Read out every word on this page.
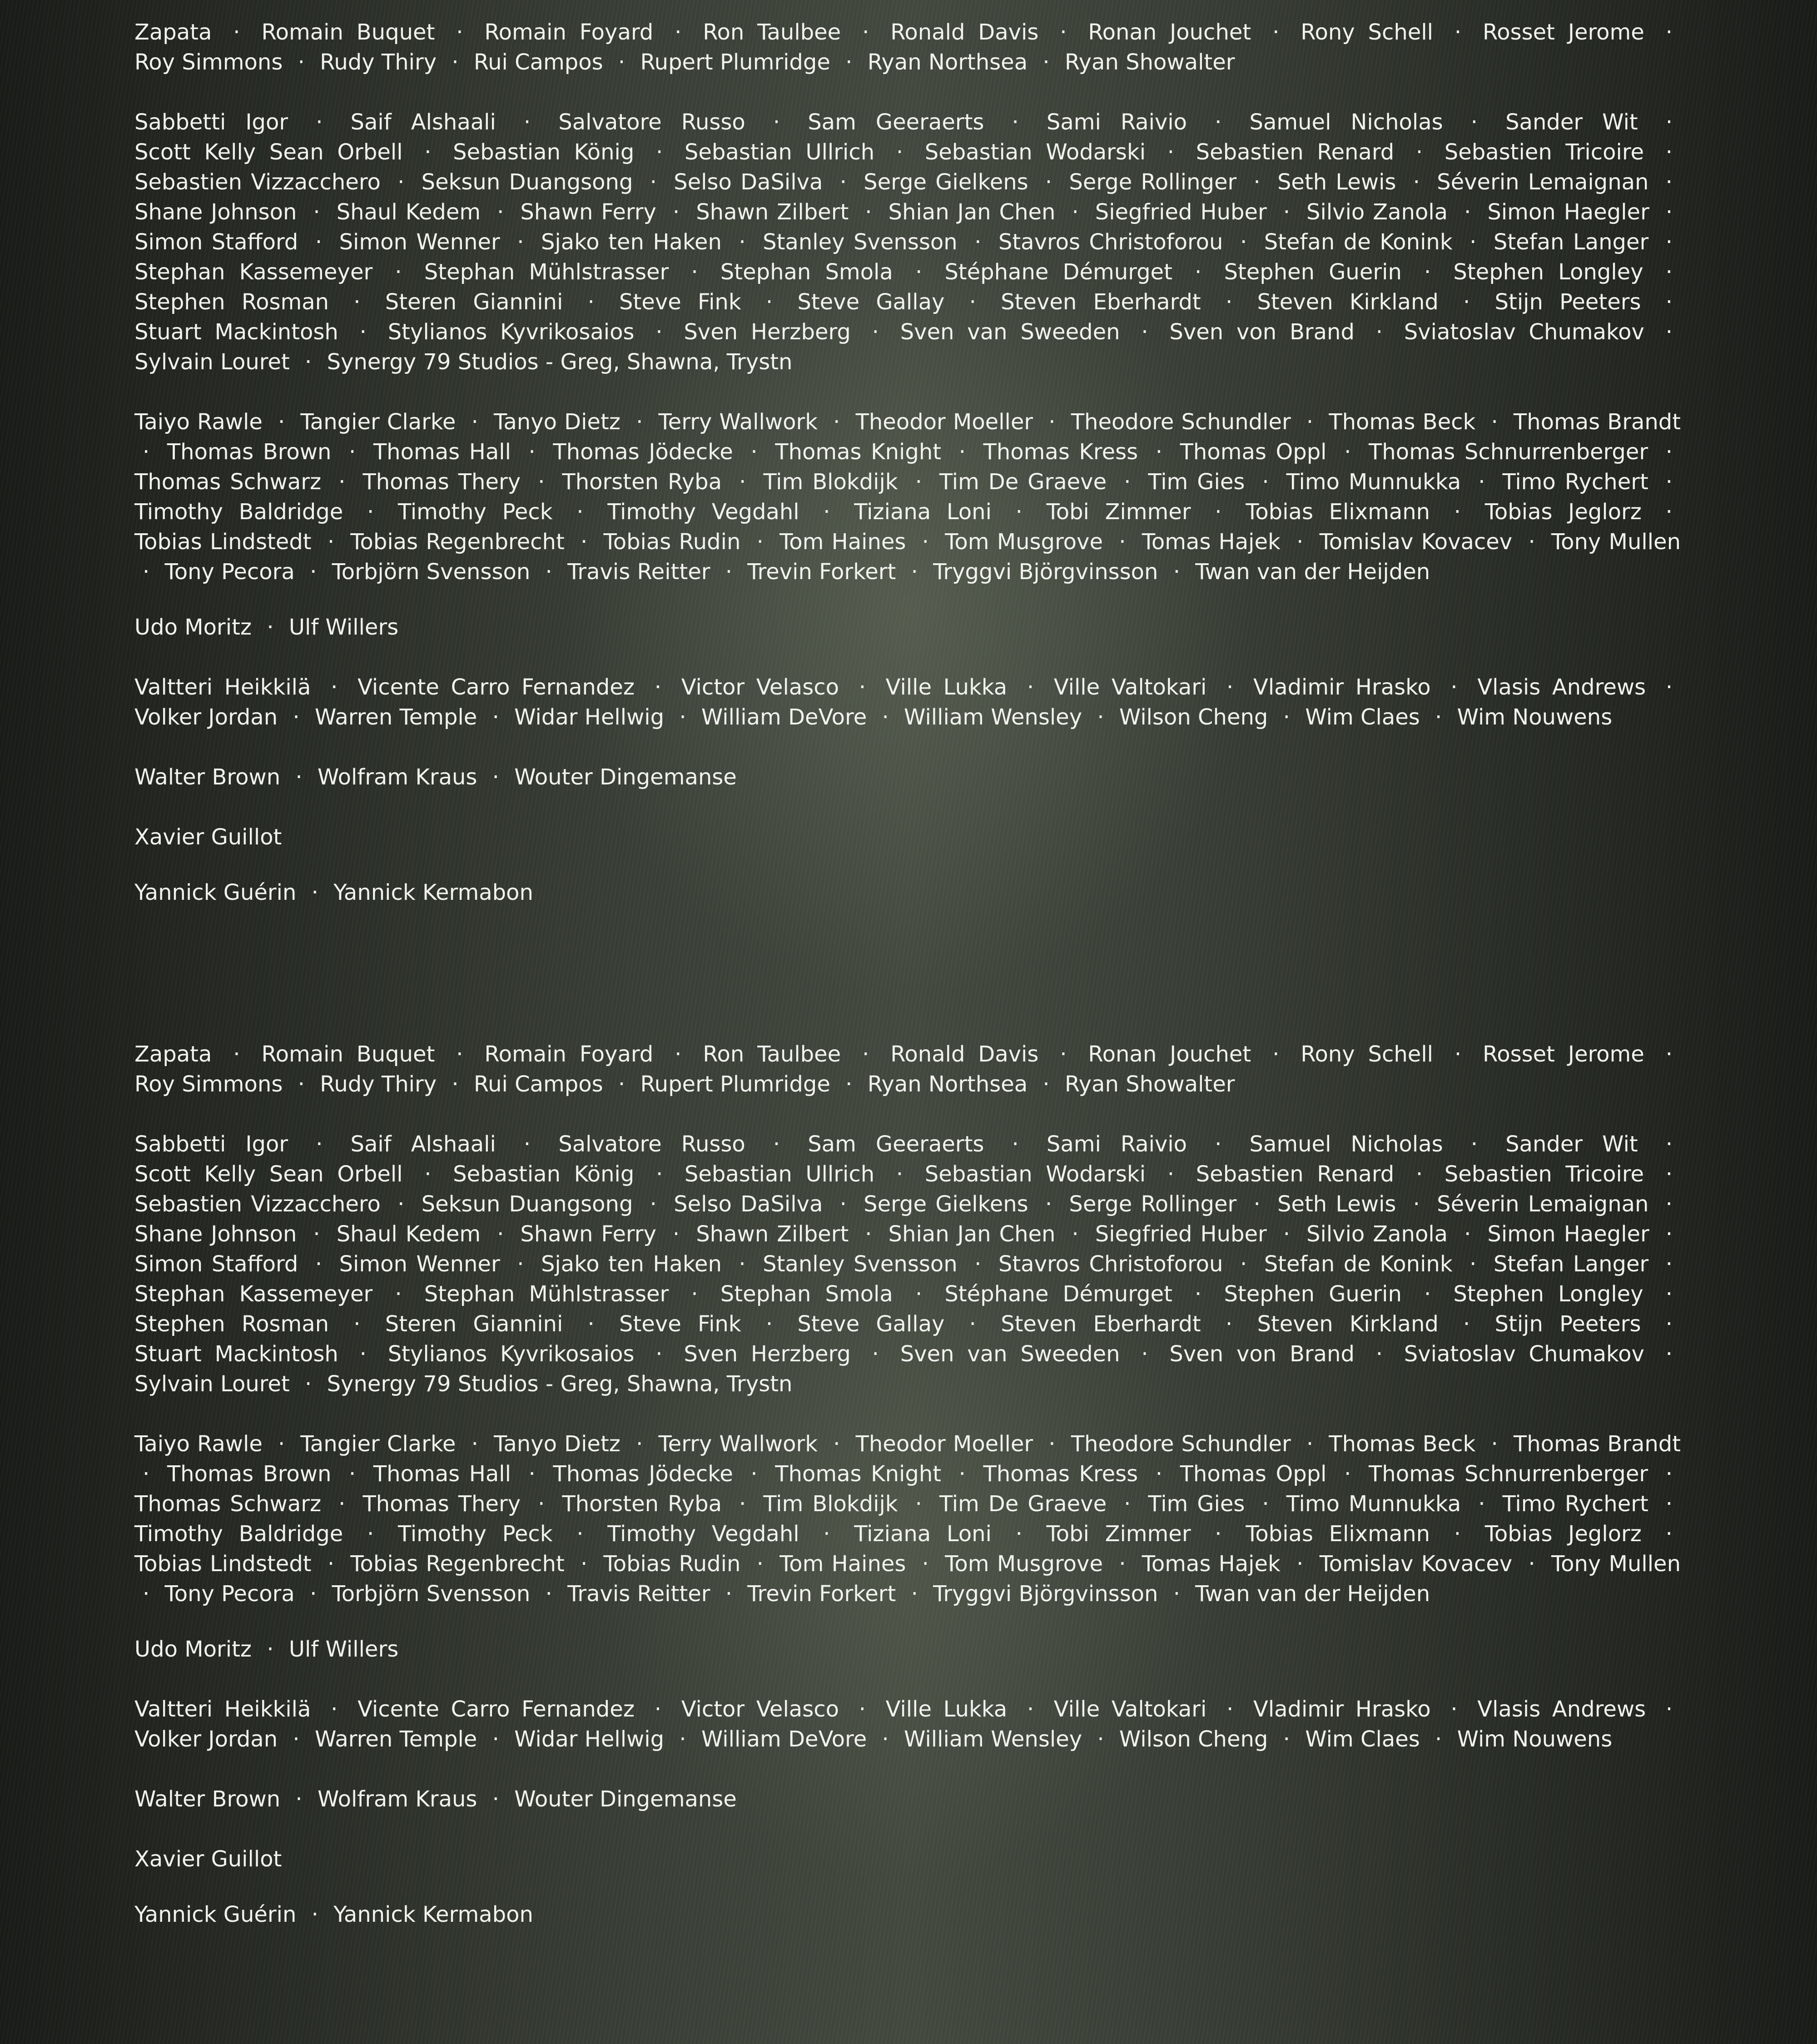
Zapata · Romain Buquet · Romain Foyard · Ron Taulbee · Ronald Davis · Ronan Jouchet · Rony Schell · Rosset Jerome · Roy Simmons · Rudy Thiry · Rui Campos · Rupert Plumridge · Ryan Northsea · Ryan Showalter

Sabbetti Igor · Saif Alshaali · Salvatore Russo · Sam Geeraerts · Sami Raivio · Samuel Nicholas · Sander Wit · Scott Kelly Sean Orbell · Sebastian König · Sebastian Ullrich · Sebastian Wodarski · Sebastien Renard · Sebastien Tricoire · Sebastien Vizzacchero · Seksun Duangsong · Selso DaSilva · Serge Gielkens · Serge Rollinger · Seth Lewis · Séverin Lemaignan · Shane Johnson · Shaul Kedem · Shawn Ferry · Shawn Zilbert · Shian Jan Chen · Siegfried Huber · Silvio Zanola · Simon Haegler · Simon Stafford · Simon Wenner · Sjako ten Haken · Stanley Svensson · Stavros Christoforou · Stefan de Konink · Stefan Langer · Stephan Kassemeyer · Stephan Mühlstrasser · Stephan Smola · Stéphane Démurget · Stephen Guerin · Stephen Longley · Stephen Rosman · Steren Giannini · Steve Fink · Steve Gallay · Steven Eberhardt · Steven Kirkland · Stijn Peeters · Stuart Mackintosh · Stylianos Kyvrikosaios · Sven Herzberg · Sven van Sweeden · Sven von Brand · Sviatoslav Chumakov · Sylvain Louret · Synergy 79 Studios - Greg, Shawna, Trystn

Taiyo Rawle · Tangier Clarke · Tanyo Dietz · Terry Wallwork · Theodor Moeller · Theodore Schundler · Thomas Beck · Thomas Brandt · Thomas Brown · Thomas Hall · Thomas Jödecke · Thomas Knight · Thomas Kress · Thomas Oppl · Thomas Schnurrenberger · Thomas Schwarz · Thomas Thery · Thorsten Ryba · Tim Blokdijk · Tim De Graeve · Tim Gies · Timo Munnukka · Timo Rychert · Timothy Baldridge · Timothy Peck · Timothy Vegdahl · Tiziana Loni · Tobi Zimmer · Tobias Elixmann · Tobias Jeglorz · Tobias Lindstedt · Tobias Regenbrecht · Tobias Rudin · Tom Haines · Tom Musgrove · Tomas Hajek · Tomislav Kovacev · Tony Mullen · Tony Pecora · Torbjörn Svensson · Travis Reitter · Trevin Forkert · Tryggvi Björgvinsson · Twan van der Heijden

Udo Moritz · Ulf Willers

Valtteri Heikkilä · Vicente Carro Fernandez · Victor Velasco · Ville Lukka · Ville Valtokari · Vladimir Hrasko · Vlasis Andrews · Volker Jordan · Warren Temple · Widar Hellwig · William DeVore · William Wensley · Wilson Cheng · Wim Claes · Wim Nouwens

Walter Brown · Wolfram Kraus · Wouter Dingemanse

Xavier Guillot

Yannick Guérin · Yannick Kermabon

Zapata · Romain Buquet · Romain Foyard · Ron Taulbee · Ronald Davis · Ronan Jouchet · Rony Schell · Rosset Jerome · Roy Simmons · Rudy Thiry · Rui Campos · Rupert Plumridge · Ryan Northsea · Ryan Showalter

Sabbetti Igor · Saif Alshaali · Salvatore Russo · Sam Geeraerts · Sami Raivio · Samuel Nicholas · Sander Wit · Scott Kelly Sean Orbell · Sebastian König · Sebastian Ullrich · Sebastian Wodarski · Sebastien Renard · Sebastien Tricoire · Sebastien Vizzacchero · Seksun Duangsong · Selso DaSilva · Serge Gielkens · Serge Rollinger · Seth Lewis · Séverin Lemaignan · Shane Johnson · Shaul Kedem · Shawn Ferry · Shawn Zilbert · Shian Jan Chen · Siegfried Huber · Silvio Zanola · Simon Haegler · Simon Stafford · Simon Wenner · Sjako ten Haken · Stanley Svensson · Stavros Christoforou · Stefan de Konink · Stefan Langer · Stephan Kassemeyer · Stephan Mühlstrasser · Stephan Smola · Stéphane Démurget · Stephen Guerin · Stephen Longley · Stephen Rosman · Steren Giannini · Steve Fink · Steve Gallay · Steven Eberhardt · Steven Kirkland · Stijn Peeters · Stuart Mackintosh · Stylianos Kyvrikosaios · Sven Herzberg · Sven van Sweeden · Sven von Brand · Sviatoslav Chumakov · Sylvain Louret · Synergy 79 Studios - Greg, Shawna, Trystn

Taiyo Rawle · Tangier Clarke · Tanyo Dietz · Terry Wallwork · Theodor Moeller · Theodore Schundler · Thomas Beck · Thomas Brandt · Thomas Brown · Thomas Hall · Thomas Jödecke · Thomas Knight · Thomas Kress · Thomas Oppl · Thomas Schnurrenberger · Thomas Schwarz · Thomas Thery · Thorsten Ryba · Tim Blokdijk · Tim De Graeve · Tim Gies · Timo Munnukka · Timo Rychert · Timothy Baldridge · Timothy Peck · Timothy Vegdahl · Tiziana Loni · Tobi Zimmer · Tobias Elixmann · Tobias Jeglorz · Tobias Lindstedt · Tobias Regenbrecht · Tobias Rudin · Tom Haines · Tom Musgrove · Tomas Hajek · Tomislav Kovacev · Tony Mullen · Tony Pecora · Torbjörn Svensson · Travis Reitter · Trevin Forkert · Tryggvi Björgvinsson · Twan van der Heijden

Udo Moritz · Ulf Willers

Valtteri Heikkilä · Vicente Carro Fernandez · Victor Velasco · Ville Lukka · Ville Valtokari · Vladimir Hrasko · Vlasis Andrews · Volker Jordan · Warren Temple · Widar Hellwig · William DeVore · William Wensley · Wilson Cheng · Wim Claes · Wim Nouwens

Walter Brown · Wolfram Kraus · Wouter Dingemanse

Xavier Guillot

Yannick Guérin · Yannick Kermabon
